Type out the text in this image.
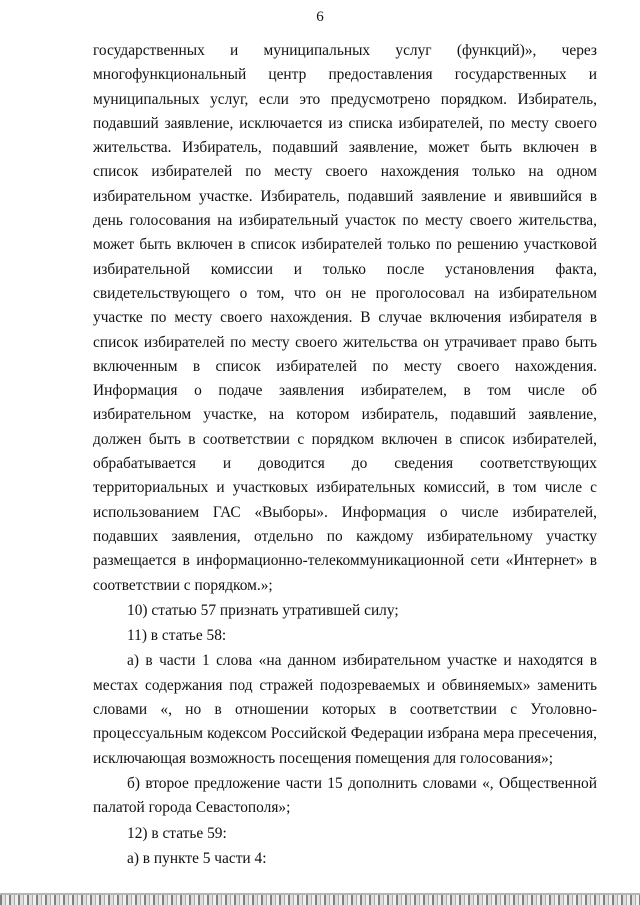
6

государственных и муниципальных услуг (функций)», через многофункциональный центр предоставления государственных и муниципальных услуг, если это предусмотрено порядком. Избиратель, подавший заявление, исключается из списка избирателей, по месту своего жительства. Избиратель, подавший заявление, может быть включен в список избирателей по месту своего нахождения только на одном избирательном участке. Избиратель, подавший заявление и явившийся в день голосования на избирательный участок по месту своего жительства, может быть включен в список избирателей только по решению участковой избирательной комиссии и только после установления факта, свидетельствующего о том, что он не проголосовал на избирательном участке по месту своего нахождения. В случае включения избирателя в список избирателей по месту своего жительства он утрачивает право быть включенным в список избирателей по месту своего нахождения. Информация о подаче заявления избирателем, в том числе об избирательном участке, на котором избиратель, подавший заявление, должен быть в соответствии с порядком включен в список избирателей, обрабатывается и доводится до сведения соответствующих территориальных и участковых избирательных комиссий, в том числе с использованием ГАС «Выборы». Информация о числе избирателей, подавших заявления, отдельно по каждому избирательному участку размещается в информационно-телекоммуникационной сети «Интернет» в соответствии с порядком.»;

10) статью 57 признать утратившей силу;

11) в статье 58:

а) в части 1 слова «на данном избирательном участке и находятся в местах содержания под стражей подозреваемых и обвиняемых» заменить словами «, но в отношении которых в соответствии с Уголовно-процессуальным кодексом Российской Федерации избрана мера пресечения, исключающая возможность посещения помещения для голосования»;

б) второе предложение части 15 дополнить словами «, Общественной палатой города Севастополя»;

12) в статье 59:

а) в пункте 5 части 4:
